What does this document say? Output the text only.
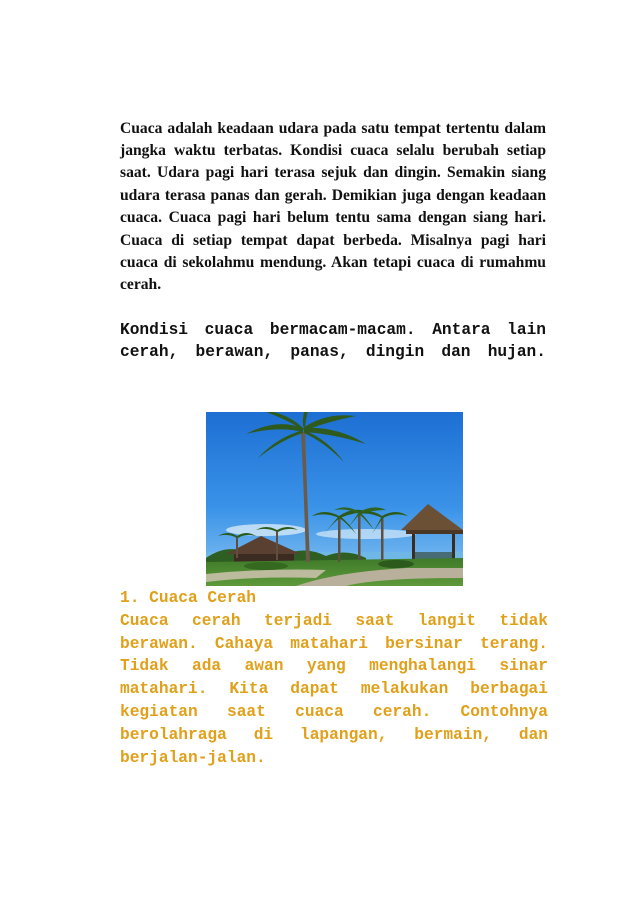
Cuaca adalah keadaan udara pada satu tempat tertentu dalam jangka waktu terbatas. Kondisi cuaca selalu berubah setiap saat. Udara pagi hari terasa sejuk dan dingin. Semakin siang udara terasa panas dan gerah. Demikian juga dengan keadaan cuaca. Cuaca pagi hari belum tentu sama dengan siang hari. Cuaca di setiap tempat dapat berbeda. Misalnya pagi hari cuaca di sekolahmu mendung. Akan tetapi cuaca di rumahmu cerah.

Kondisi cuaca bermacam-macam. Antara lain cerah, berawan, panas, dingin dan hujan.

1. Cuaca Cerah

Cuaca cerah terjadi saat langit tidak berawan. Cahaya matahari bersinar terang. Tidak ada awan yang menghalangi sinar matahari. Kita dapat melakukan berbagai kegiatan saat cuaca cerah. Contohnya berolahraga di lapangan, bermain, dan berjalan-jalan.
